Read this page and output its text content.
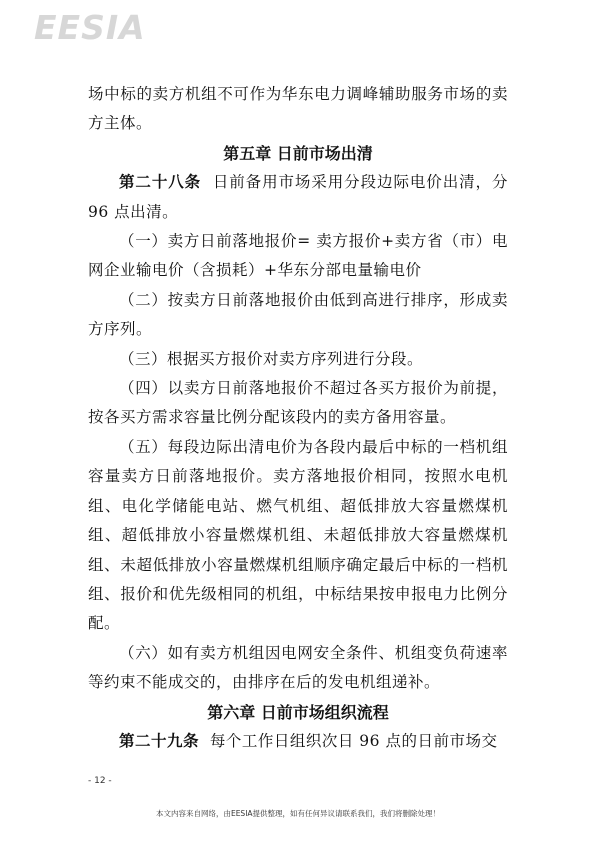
EESIA

场中标的卖方机组不可作为华东电力调峰辅助服务市场的卖方主体。

第五章 日前市场出清

第二十八条 日前备用市场采用分段边际电价出清，分 96 点出清。

（一）卖方日前落地报价= 卖方报价+卖方省（市）电网企业输电价（含损耗）+华东分部电量输电价

（二）按卖方日前落地报价由低到高进行排序，形成卖方序列。

（三）根据买方报价对卖方序列进行分段。

（四）以卖方日前落地报价不超过各买方报价为前提，按各买方需求容量比例分配该段内的卖方备用容量。

（五）每段边际出清电价为各段内最后中标的一档机组容量卖方日前落地报价。卖方落地报价相同，按照水电机组、电化学储能电站、燃气机组、超低排放大容量燃煤机组、超低排放小容量燃煤机组、未超低排放大容量燃煤机组、未超低排放小容量燃煤机组顺序确定最后中标的一档机组、报价和优先级相同的机组，中标结果按申报电力比例分配。

（六）如有卖方机组因电网安全条件、机组变负荷速率等约束不能成交的，由排序在后的发电机组递补。

第六章 日前市场组织流程

第二十九条 每个工作日组织次日 96 点的日前市场交

- 12 -
本文内容来自网络，由EESIA提供整理，如有任何异议请联系我们，我们将删除处理！
